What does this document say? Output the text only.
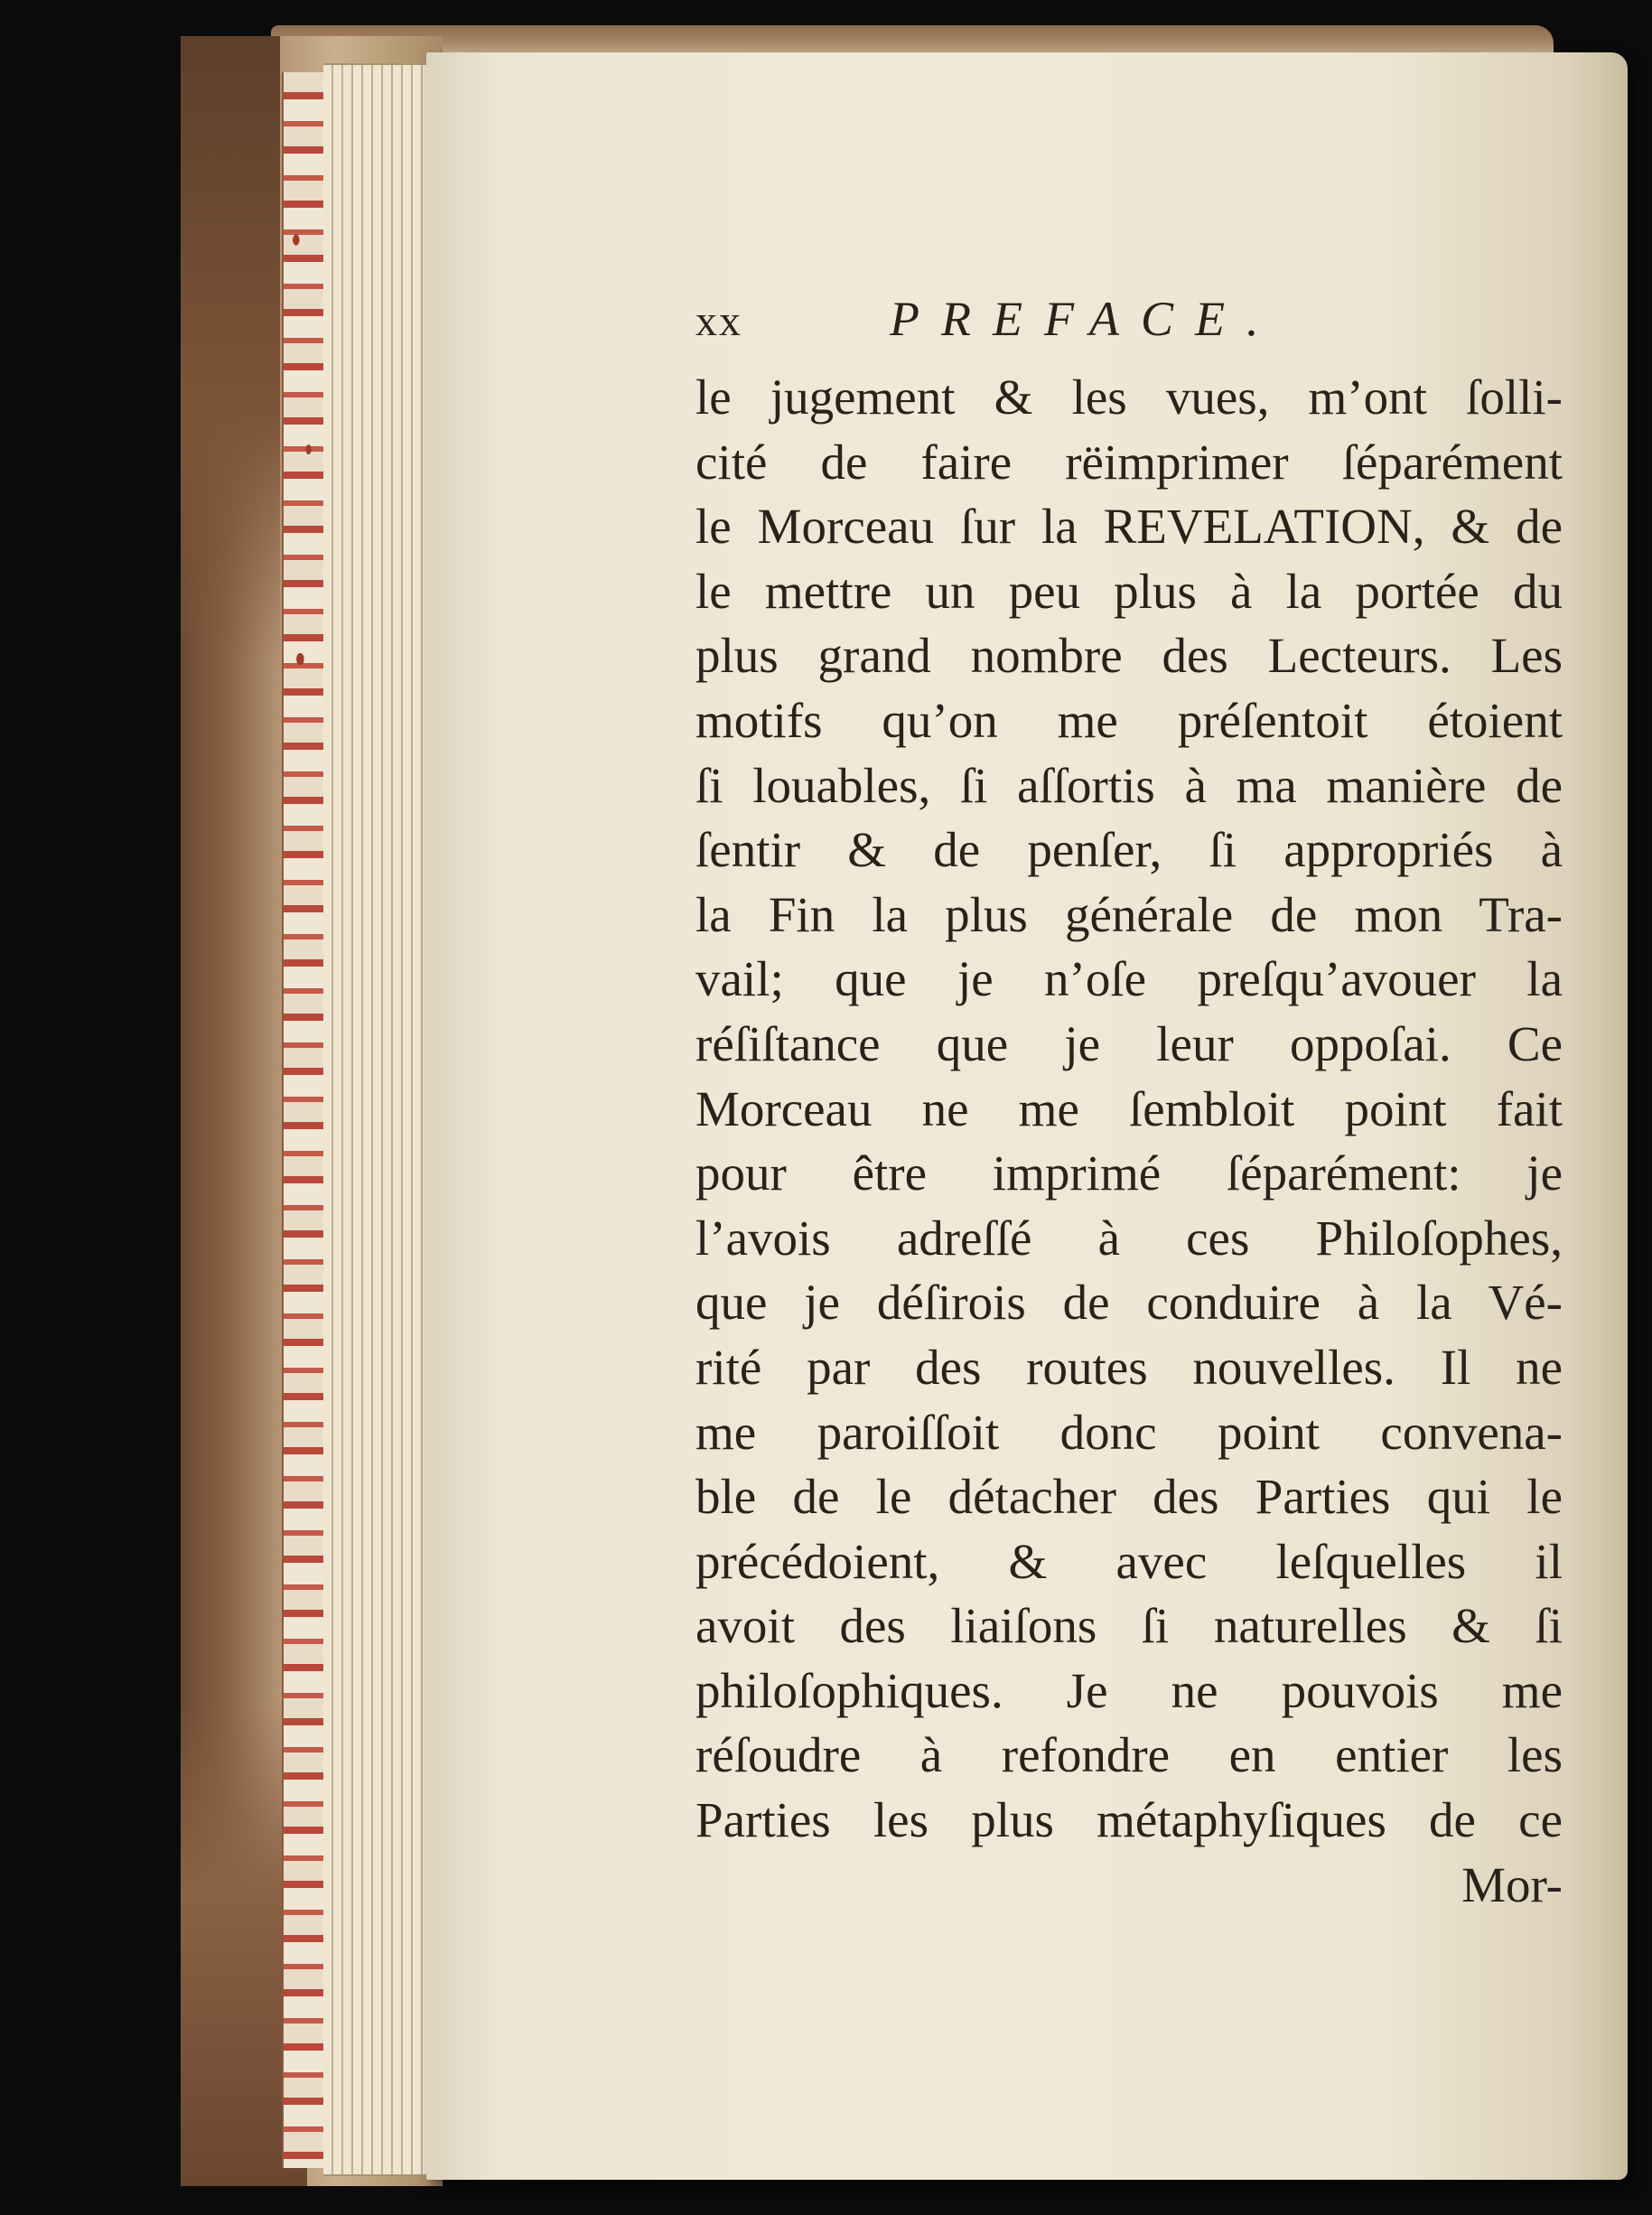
xx	PREFACE.
le jugement & les vues, m’ont ſolli-
cité de faire rëimprimer ſéparément
le Morceau ſur la REVELATION, & de
le mettre un peu plus à la portée du
plus grand nombre des Lecteurs. Les
motifs qu’on me préſentoit étoient
ſi louables, ſi aſſortis à ma manière de
ſentir & de penſer, ſi appropriés à
la Fin la plus générale de mon Tra-
vail; que je n’oſe preſqu’avouer la
réſiſtance que je leur oppoſai. Ce
Morceau ne me ſembloit point fait
pour être imprimé ſéparément: je
l’avois adreſſé à ces Philoſophes,
que je déſirois de conduire à la Vé-
rité par des routes nouvelles. Il ne
me paroiſſoit donc point convena-
ble de le détacher des Parties qui le
précédoient, & avec leſquelles il
avoit des liaiſons ſi naturelles & ſi
philoſophiques. Je ne pouvois me
réſoudre à refondre en entier les
Parties les plus métaphyſiques de ce
Mor-
